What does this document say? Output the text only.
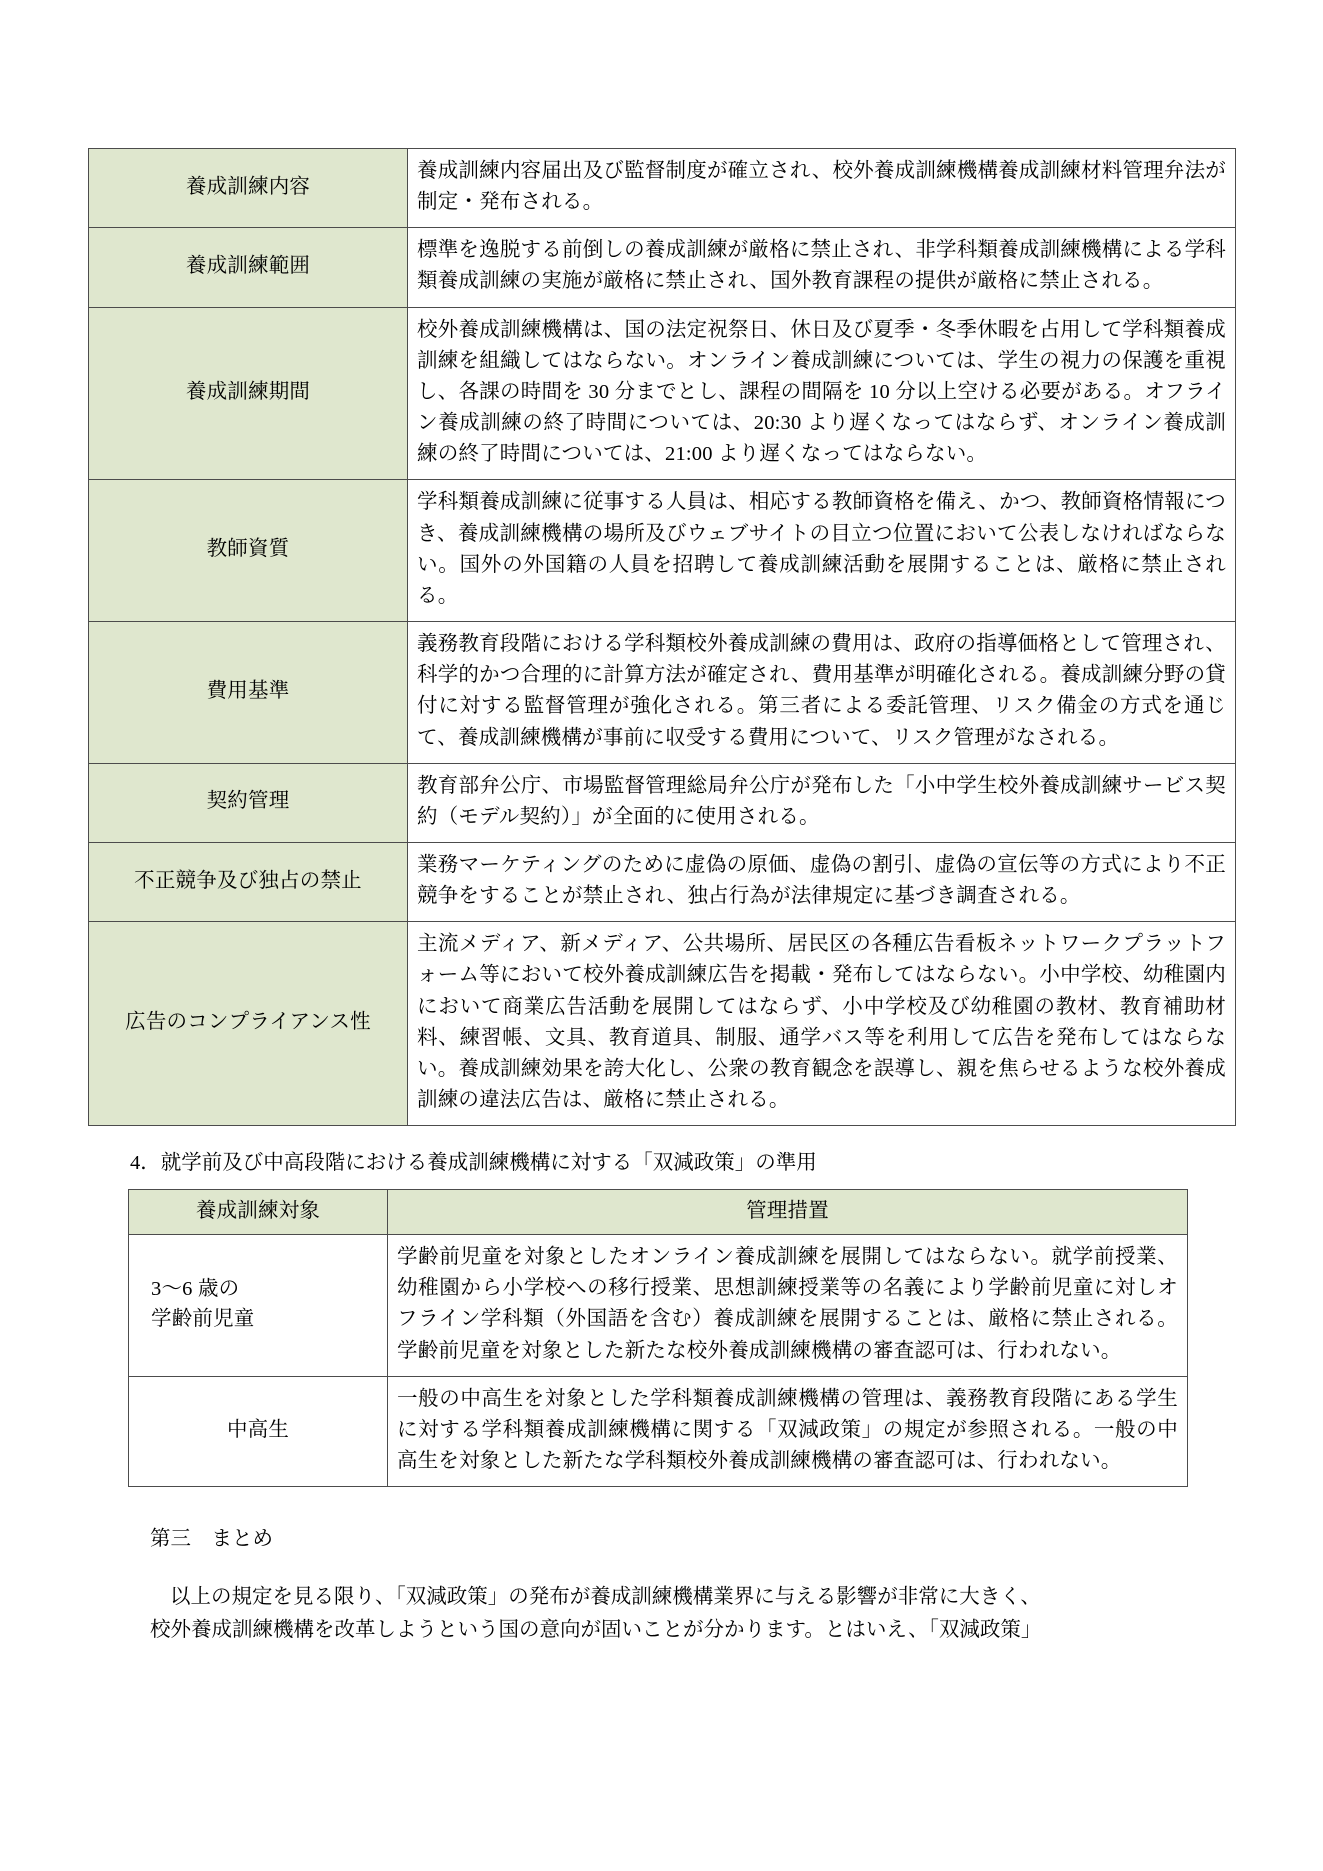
養成訓練内容	養成訓練内容届出及び監督制度が確立され、校外養成訓練機構養成訓練材料管理弁法が制定・発布される。
養成訓練範囲	標準を逸脱する前倒しの養成訓練が厳格に禁止され、非学科類養成訓練機構による学科類養成訓練の実施が厳格に禁止され、国外教育課程の提供が厳格に禁止される。
養成訓練期間	校外養成訓練機構は、国の法定祝祭日、休日及び夏季・冬季休暇を占用して学科類養成訓練を組織してはならない。オンライン養成訓練については、学生の視力の保護を重視し、各課の時間を 30 分までとし、課程の間隔を 10 分以上空ける必要がある。オフライン養成訓練の終了時間については、20:30 より遅くなってはならず、オンライン養成訓練の終了時間については、21:00 より遅くなってはならない。
教師資質	学科類養成訓練に従事する人員は、相応する教師資格を備え、かつ、教師資格情報につき、養成訓練機構の場所及びウェブサイトの目立つ位置において公表しなければならない。国外の外国籍の人員を招聘して養成訓練活動を展開することは、厳格に禁止される。
費用基準	義務教育段階における学科類校外養成訓練の費用は、政府の指導価格として管理され、科学的かつ合理的に計算方法が確定され、費用基準が明確化される。養成訓練分野の貸付に対する監督管理が強化される。第三者による委託管理、リスク備金の方式を通じて、養成訓練機構が事前に収受する費用について、リスク管理がなされる。
契約管理	教育部弁公庁、市場監督管理総局弁公庁が発布した「小中学生校外養成訓練サービス契約（モデル契約）」が全面的に使用される。
不正競争及び独占の禁止	業務マーケティングのために虚偽の原価、虚偽の割引、虚偽の宣伝等の方式により不正競争をすることが禁止され、独占行為が法律規定に基づき調査される。
広告のコンプライアンス性	主流メディア、新メディア、公共場所、居民区の各種広告看板ネットワークプラットフォーム等において校外養成訓練広告を掲載・発布してはならない。小中学校、幼稚園内において商業広告活動を展開してはならず、小中学校及び幼稚園の教材、教育補助材料、練習帳、文具、教育道具、制服、通学バス等を利用して広告を発布してはならない。養成訓練効果を誇大化し、公衆の教育観念を誤導し、親を焦らせるような校外養成訓練の違法広告は、厳格に禁止される。
4．就学前及び中高段階における養成訓練機構に対する「双減政策」の準用
養成訓練対象	管理措置
3〜6 歳の
学齢前児童	学齢前児童を対象としたオンライン養成訓練を展開してはならない。就学前授業、幼稚園から小学校への移行授業、思想訓練授業等の名義により学齢前児童に対しオフライン学科類（外国語を含む）養成訓練を展開することは、厳格に禁止される。学齢前児童を対象とした新たな校外養成訓練機構の審査認可は、行われない。
中高生	一般の中高生を対象とした学科類養成訓練機構の管理は、義務教育段階にある学生に対する学科類養成訓練機構に関する「双減政策」の規定が参照される。一般の中高生を対象とした新たな学科類校外養成訓練機構の審査認可は、行われない。
第三　まとめ
以上の規定を見る限り、「双減政策」の発布が養成訓練機構業界に与える影響が非常に大きく、
校外養成訓練機構を改革しようという国の意向が固いことが分かります。とはいえ、「双減政策」
